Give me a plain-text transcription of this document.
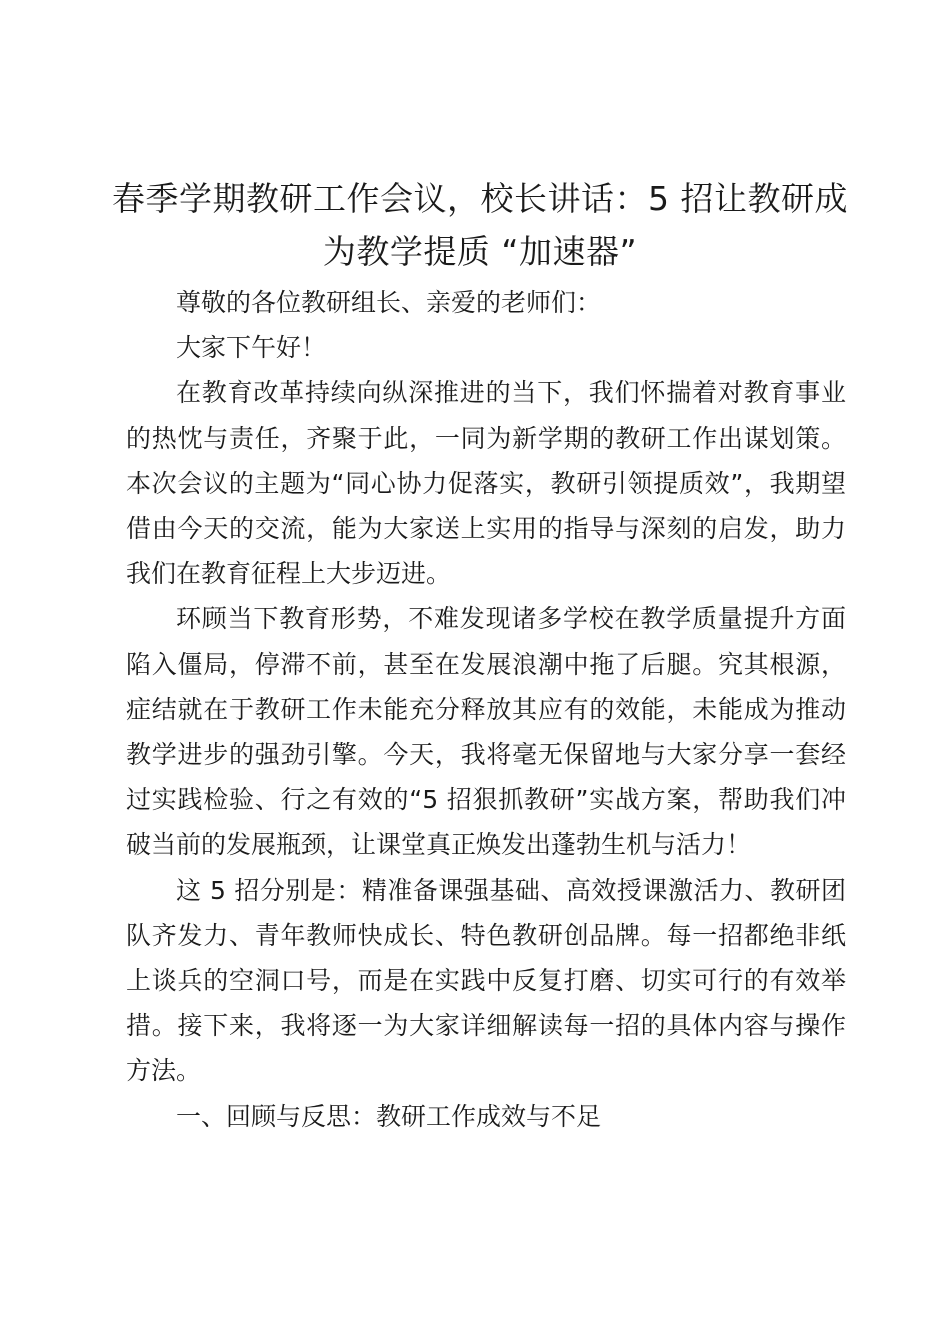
春季学期教研工作会议，校长讲话：5 招让教研成为教学提质 “加速器”

尊敬的各位教研组长、亲爱的老师们：

大家下午好！

在教育改革持续向纵深推进的当下，我们怀揣着对教育事业的热忱与责任，齐聚于此，一同为新学期的教研工作出谋划策。本次会议的主题为“同心协力促落实，教研引领提质效”，我期望借由今天的交流，能为大家送上实用的指导与深刻的启发，助力我们在教育征程上大步迈进。

环顾当下教育形势，不难发现诸多学校在教学质量提升方面陷入僵局，停滞不前，甚至在发展浪潮中拖了后腿。究其根源，症结就在于教研工作未能充分释放其应有的效能，未能成为推动教学进步的强劲引擎。今天，我将毫无保留地与大家分享一套经过实践检验、行之有效的“5 招狠抓教研”实战方案，帮助我们冲破当前的发展瓶颈，让课堂真正焕发出蓬勃生机与活力！

这 5 招分别是：精准备课强基础、高效授课激活力、教研团队齐发力、青年教师快成长、特色教研创品牌。每一招都绝非纸上谈兵的空洞口号，而是在实践中反复打磨、切实可行的有效举措。接下来，我将逐一为大家详细解读每一招的具体内容与操作方法。

一、回顾与反思：教研工作成效与不足
